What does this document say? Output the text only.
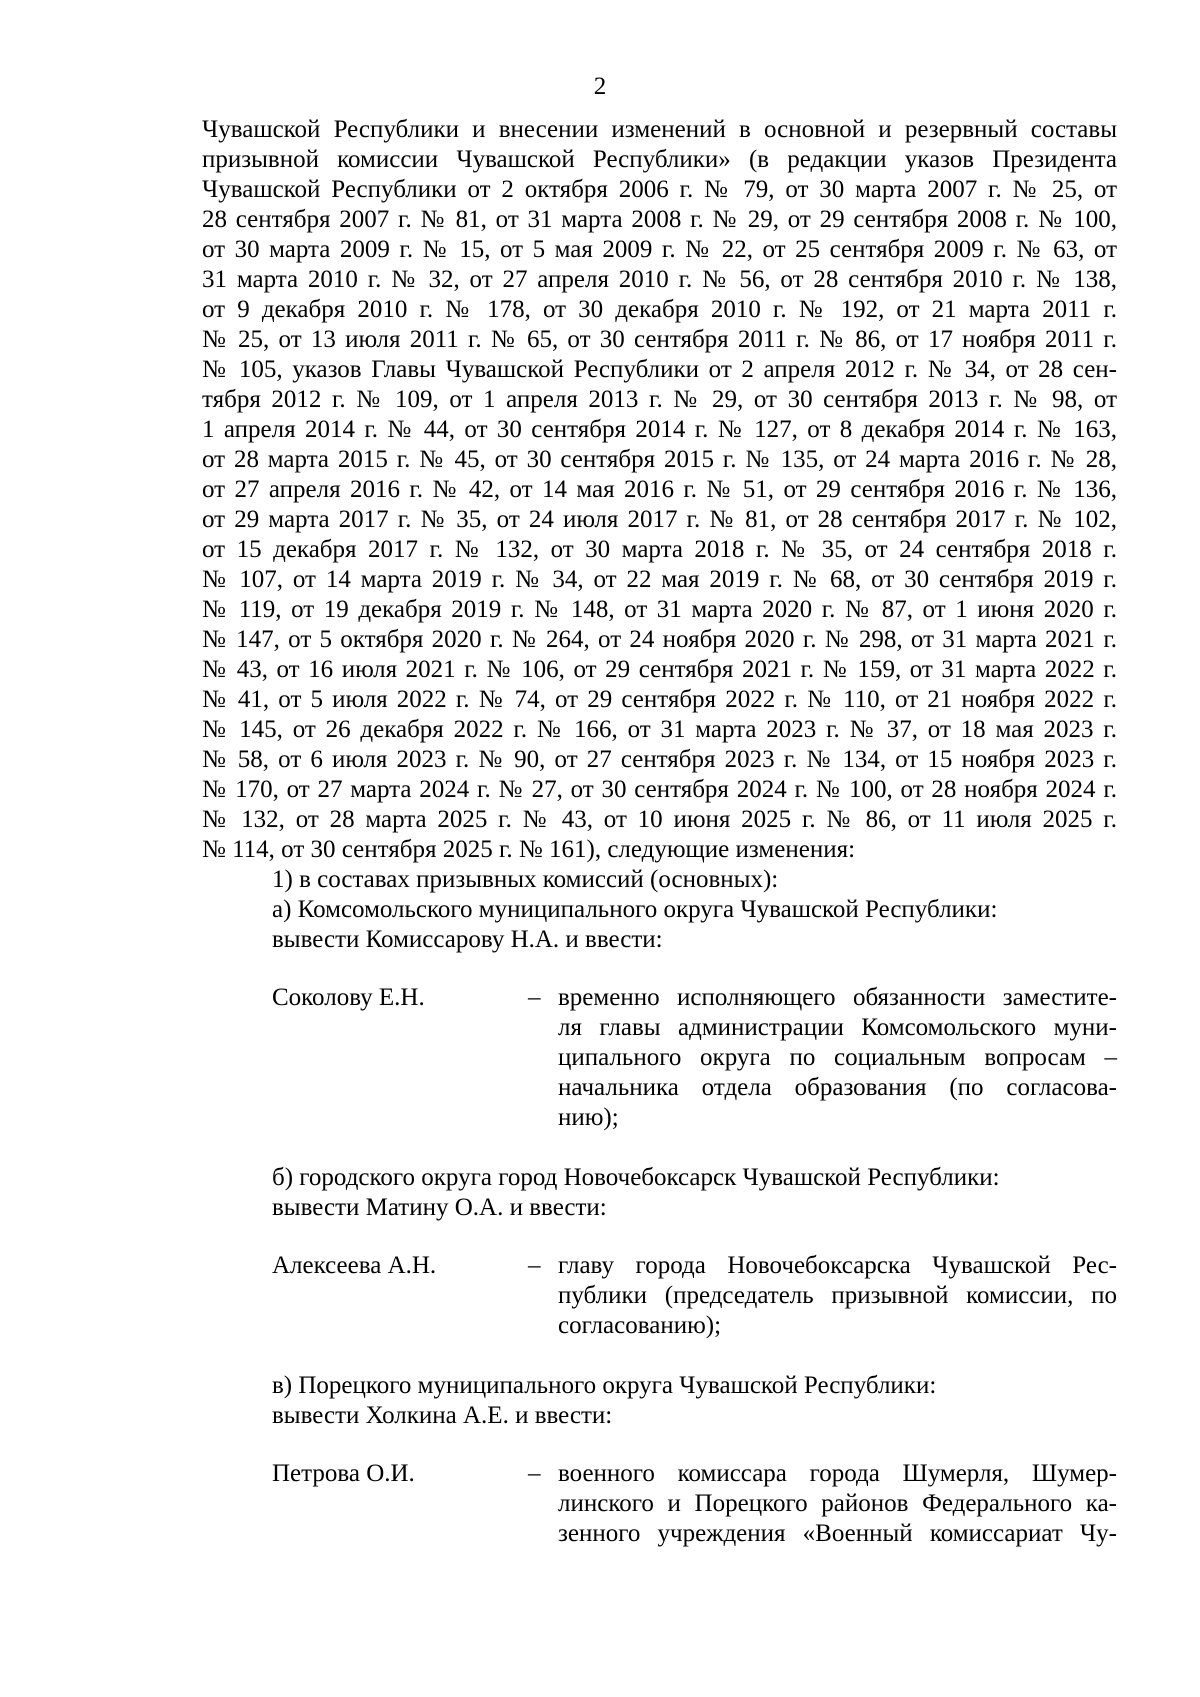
2
Чувашской Республики и внесении изменений в основной и резервный составы
призывной комиссии Чувашской Республики» (в редакции указов Президента
Чувашской Республики от 2 октября 2006 г. № 79, от 30 марта 2007 г. № 25, от
28 сентября 2007 г. № 81, от 31 марта 2008 г. № 29, от 29 сентября 2008 г. № 100,
от 30 марта 2009 г. № 15, от 5 мая 2009 г. № 22, от 25 сентября 2009 г. № 63, от
31 марта 2010 г. № 32, от 27 апреля 2010 г. № 56, от 28 сентября 2010 г. № 138,
от 9 декабря 2010 г. № 178, от 30 декабря 2010 г. № 192, от 21 марта 2011 г.
№ 25, от 13 июля 2011 г. № 65, от 30 сентября 2011 г. № 86, от 17 ноября 2011 г.
№ 105, указов Главы Чувашской Республики от 2 апреля 2012 г. № 34, от 28 сен-
тября 2012 г. № 109, от 1 апреля 2013 г. № 29, от 30 сентября 2013 г. № 98, от
1 апреля 2014 г. № 44, от 30 сентября 2014 г. № 127, от 8 декабря 2014 г. № 163,
от 28 марта 2015 г. № 45, от 30 сентября 2015 г. № 135, от 24 марта 2016 г. № 28,
от 27 апреля 2016 г. № 42, от 14 мая 2016 г. № 51, от 29 сентября 2016 г. № 136,
от 29 марта 2017 г. № 35, от 24 июля 2017 г. № 81, от 28 сентября 2017 г. № 102,
от 15 декабря 2017 г. № 132, от 30 марта 2018 г. № 35, от 24 сентября 2018 г.
№ 107, от 14 марта 2019 г. № 34, от 22 мая 2019 г. № 68, от 30 сентября 2019 г.
№ 119, от 19 декабря 2019 г. № 148, от 31 марта 2020 г. № 87, от 1 июня 2020 г.
№ 147, от 5 октября 2020 г. № 264, от 24 ноября 2020 г. № 298, от 31 марта 2021 г.
№ 43, от 16 июля 2021 г. № 106, от 29 сентября 2021 г. № 159, от 31 марта 2022 г.
№ 41, от 5 июля 2022 г. № 74, от 29 сентября 2022 г. № 110, от 21 ноября 2022 г.
№ 145, от 26 декабря 2022 г. № 166, от 31 марта 2023 г. № 37, от 18 мая 2023 г.
№ 58, от 6 июля 2023 г. № 90, от 27 сентября 2023 г. № 134, от 15 ноября 2023 г.
№ 170, от 27 марта 2024 г. № 27, от 30 сентября 2024 г. № 100, от 28 ноября 2024 г.
№ 132, от 28 марта 2025 г. № 43, от 10 июня 2025 г. № 86, от 11 июля 2025 г.
№ 114, от 30 сентября 2025 г. № 161), следующие изменения:
1) в составах призывных комиссий (основных):
а) Комсомольского муниципального округа Чувашской Республики:
вывести Комиссарову Н.А. и ввести:
Соколову Е.Н.	– временно исполняющего обязанности заместите-
ля главы администрации Комсомольского муни-
ципального округа по социальным вопросам –
начальника отдела образования (по согласова-
нию);
б) городского округа город Новочебоксарск Чувашской Республики:
вывести Матину О.А. и ввести:
Алексеева А.Н.	– главу города Новочебоксарска Чувашской Рес-
публики (председатель призывной комиссии, по
согласованию);
в) Порецкого муниципального округа Чувашской Республики:
вывести Холкина А.Е. и ввести:
Петрова О.И.	– военного комиссара города Шумерля, Шумер-
линского и Порецкого районов Федерального ка-
зенного учреждения «Военный комиссариат Чу-
